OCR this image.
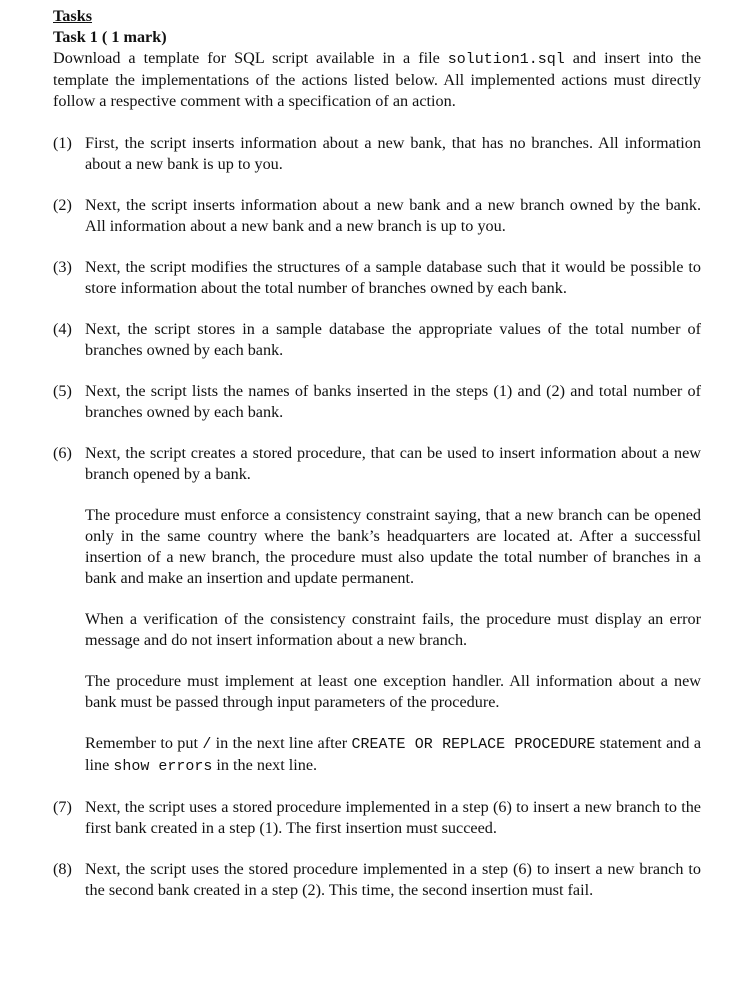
Tasks

Task 1 ( 1 mark)

Download a template for SQL script available in a file solution1.sql and insert into the template the implementations of the actions listed below. All implemented actions must directly follow a respective comment with a specification of an action.

(1) First, the script inserts information about a new bank, that has no branches. All information about a new bank is up to you.

(2) Next, the script inserts information about a new bank and a new branch owned by the bank. All information about a new bank and a new branch is up to you.

(3) Next, the script modifies the structures of a sample database such that it would be possible to store information about the total number of branches owned by each bank.

(4) Next, the script stores in a sample database the appropriate values of the total number of branches owned by each bank.

(5) Next, the script lists the names of banks inserted in the steps (1) and (2) and total number of branches owned by each bank.

(6) Next, the script creates a stored procedure, that can be used to insert information about a new branch opened by a bank.

The procedure must enforce a consistency constraint saying, that a new branch can be opened only in the same country where the bank’s headquarters are located at. After a successful insertion of a new branch, the procedure must also update the total number of branches in a bank and make an insertion and update permanent.

When a verification of the consistency constraint fails, the procedure must display an error message and do not insert information about a new branch.

The procedure must implement at least one exception handler. All information about a new bank must be passed through input parameters of the procedure.

Remember to put / in the next line after CREATE OR REPLACE PROCEDURE statement and a line show errors in the next line.

(7) Next, the script uses a stored procedure implemented in a step (6) to insert a new branch to the first bank created in a step (1). The first insertion must succeed.

(8) Next, the script uses the stored procedure implemented in a step (6) to insert a new branch to the second bank created in a step (2). This time, the second insertion must fail.
